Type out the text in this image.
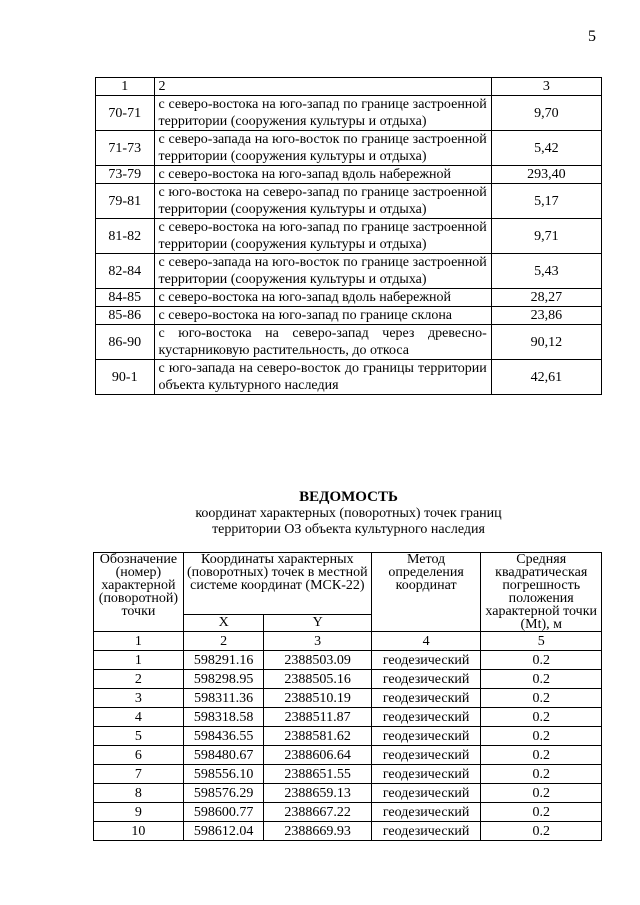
5
1	2	3
70-71	с северо-востока на юго-запад по границе застроенной территории (сооружения культуры и отдыха)	9,70
71-73	с северо-запада на юго-восток по границе застроенной территории (сооружения культуры и отдыха)	5,42
73-79	с северо-востока на юго-запад вдоль набережной	293,40
79-81	с юго-востока на северо-запад по границе застроенной территории (сооружения культуры и отдыха)	5,17
81-82	с северо-востока на юго-запад по границе застроенной территории (сооружения культуры и отдыха)	9,71
82-84	с северо-запада на юго-восток по границе застроенной территории (сооружения культуры и отдыха)	5,43
84-85	с северо-востока на юго-запад вдоль набережной	28,27
85-86	с северо-востока на юго-запад по границе склона	23,86
86-90	с юго-востока на северо-запад через древесно-кустарниковую растительность, до откоса	90,12
90-1	с юго-запада на северо-восток до границы территории объекта культурного наследия	42,61
ВЕДОМОСТЬ
координат характерных (поворотных) точек границ
территории ОЗ объекта культурного наследия
Обозначение (номер) характерной (поворотной) точки	Координаты характерных (поворотных) точек в местной системе координат (МСК-22)		Метод определения координат	Средняя квадратическая погрешность положения характерной точки (Mt), м
	X	Y		
1	2	3	4	5
1	598291.16	2388503.09	геодезический	0.2
2	598298.95	2388505.16	геодезический	0.2
3	598311.36	2388510.19	геодезический	0.2
4	598318.58	2388511.87	геодезический	0.2
5	598436.55	2388581.62	геодезический	0.2
6	598480.67	2388606.64	геодезический	0.2
7	598556.10	2388651.55	геодезический	0.2
8	598576.29	2388659.13	геодезический	0.2
9	598600.77	2388667.22	геодезический	0.2
10	598612.04	2388669.93	геодезический	0.2
